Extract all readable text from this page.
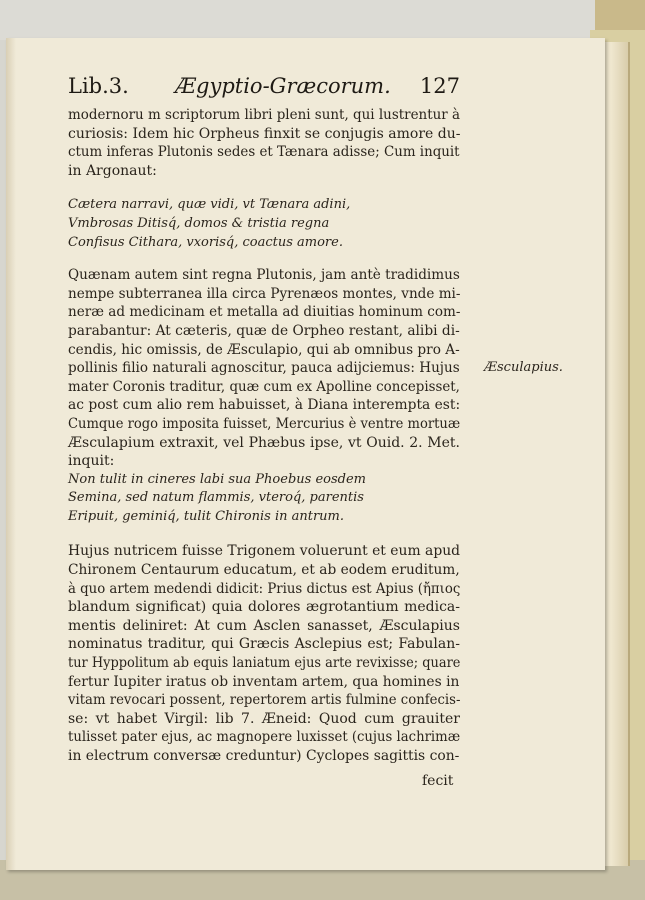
Lib.3. Ægyptio-Græcorum. 127
modernoru m scriptorum libri pleni sunt, qui lustrentur à
curiosis: Idem hic Orpheus finxit se conjugis amore du-
ctum inferas Plutonis sedes et Tænara adisse; Cum inquit
in Argonaut:
Cætera narravi, quæ vidi, vt Tænara adini,
Vmbrosas Ditisq́, domos & tristia regna
Confisus Cithara, vxorisq́, coactus amore.
Quænam autem sint regna Plutonis, jam antè tradidimus
nempe subterranea illa circa Pyrenæos montes, vnde mi-
neræ ad medicinam et metalla ad diuitias hominum com-
parabantur: At cæteris, quæ de Orpheo restant, alibi di-
cendis, hic omissis, de Æsculapio, qui ab omnibus pro A-
pollinis filio naturali agnoscitur, pauca adijciemus: Hujus
mater Coronis traditur, quæ cum ex Apolline concepisset,
ac post cum alio rem habuisset, à Diana interempta est:
Cumque rogo imposita fuisset, Mercurius è ventre mortuæ
Æsculapium extraxit, vel Phæbus ipse, vt Ouid. 2. Met.
inquit:
Non tulit in cineres labi sua Phoebus eosdem
Semina, sed natum flammis, vteroq́, parentis
Eripuit, geminiq́, tulit Chironis in antrum.
Hujus nutricem fuisse Trigonem voluerunt et eum apud
Chironem Centaurum educatum, et ab eodem eruditum,
à quo artem medendi didicit: Prius dictus est Apius (ἤπιος
blandum significat) quia dolores ægrotantium medica-
mentis deliniret: At cum Asclen sanasset, Æsculapius
nominatus traditur, qui Græcis Asclepius est; Fabulan-
tur Hyppolitum ab equis laniatum ejus arte revixisse; quare
fertur Iupiter iratus ob inventam artem, qua homines in
vitam revocari possent, repertorem artis fulmine confecis-
se: vt habet Virgil: lib 7. Æneid: Quod cum grauiter
tulisset pater ejus, ac magnopere luxisset (cujus lachrimæ
in electrum conversæ creduntur) Cyclopes sagittis con-
Æsculapius.
fecit
